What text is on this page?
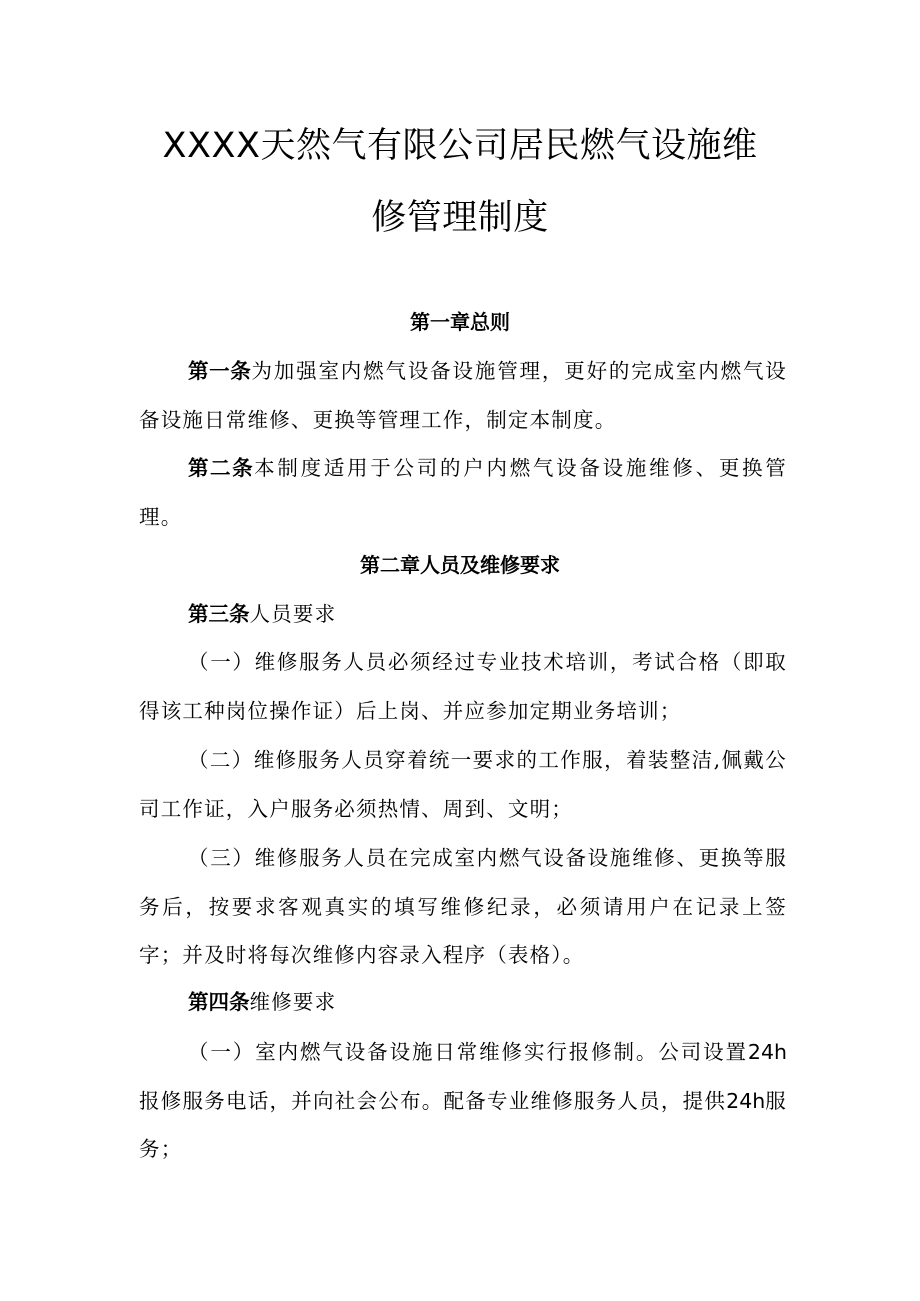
XXXX天然气有限公司居民燃气设施维
修管理制度
第一章总则

第一条为加强室内燃气设备设施管理，更好的完成室内燃气设备设施日常维修、更换等管理工作，制定本制度。

第二条本制度适用于公司的户内燃气设备设施维修、更换管理。

第二章人员及维修要求

第三条人员要求

（一）维修服务人员必须经过专业技术培训，考试合格（即取得该工种岗位操作证）后上岗、并应参加定期业务培训；

（二）维修服务人员穿着统一要求的工作服，着装整洁,佩戴公司工作证，入户服务必须热情、周到、文明；

（三）维修服务人员在完成室内燃气设备设施维修、更换等服务后，按要求客观真实的填写维修纪录，必须请用户在记录上签字；并及时将每次维修内容录入程序（表格）。

第四条维修要求

（一）室内燃气设备设施日常维修实行报修制。公司设置24h报修服务电话，并向社会公布。配备专业维修服务人员，提供24h服务；
